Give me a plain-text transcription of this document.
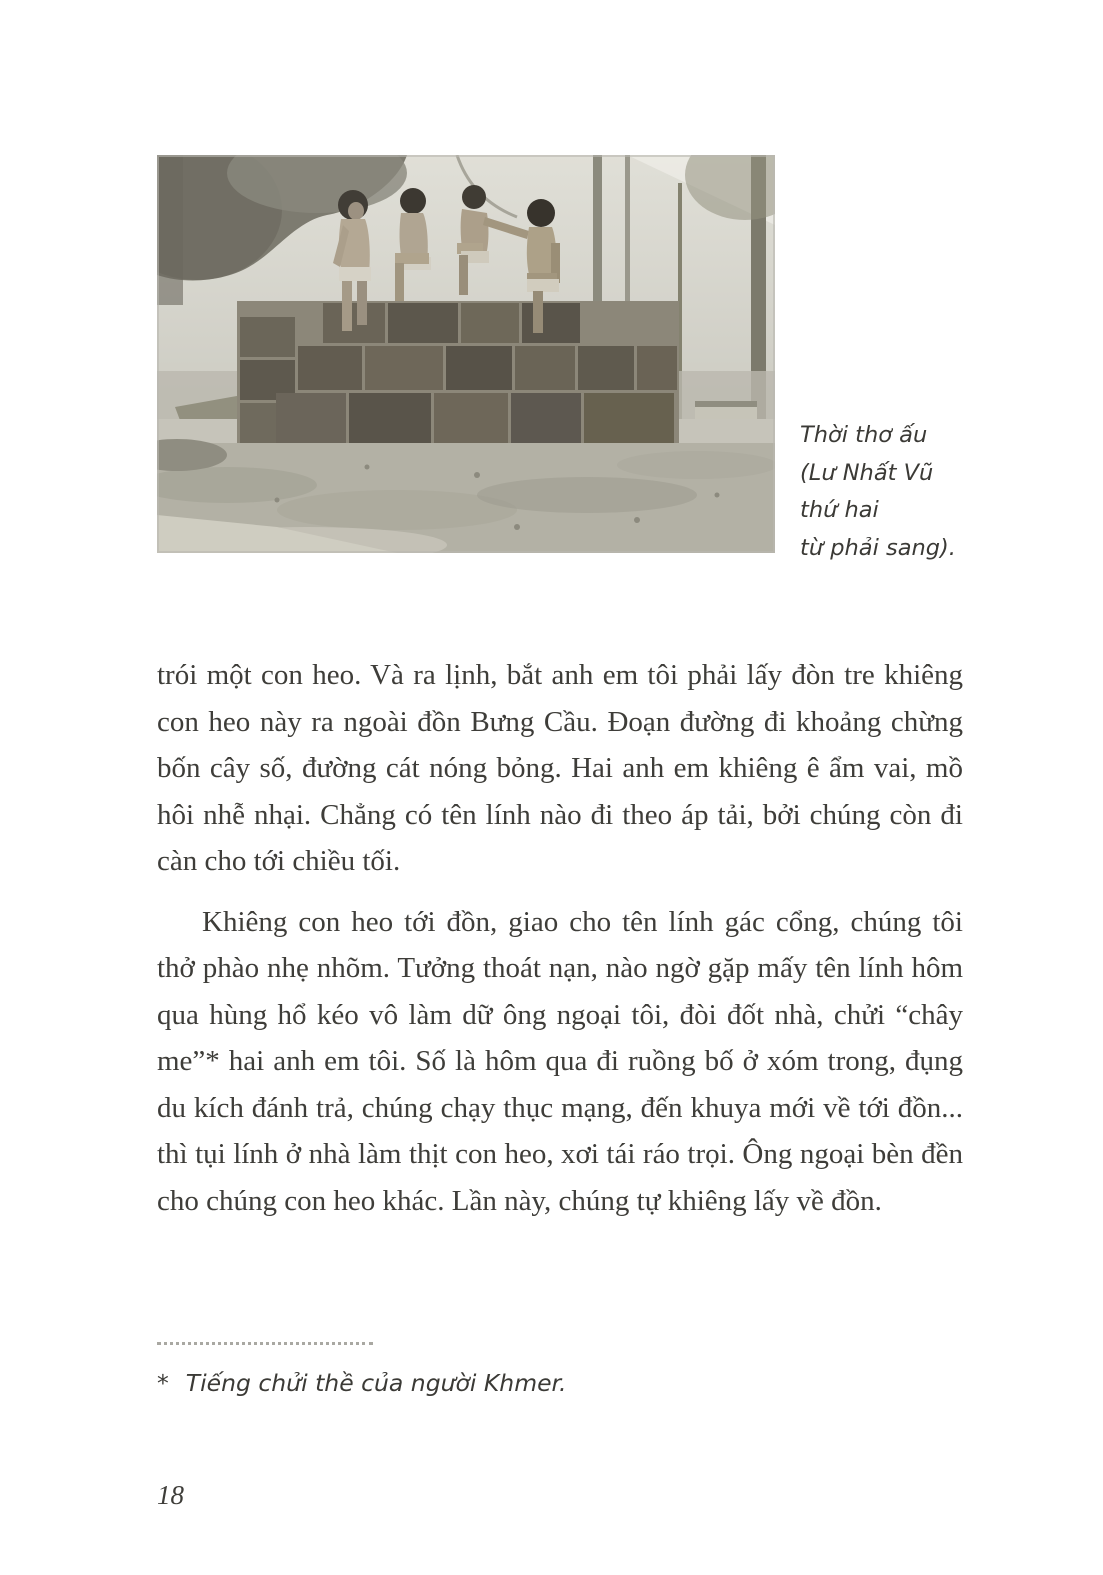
Thời thơ ấu
(Lư Nhất Vũ
thứ hai
từ phải sang).

trói một con heo. Và ra lịnh, bắt anh em tôi phải lấy đòn tre khiêng con heo này ra ngoài đồn Bưng Cầu. Đoạn đường đi khoảng chừng bốn cây số, đường cát nóng bỏng. Hai anh em khiêng ê ẩm vai, mồ hôi nhễ nhại. Chẳng có tên lính nào đi theo áp tải, bởi chúng còn đi càn cho tới chiều tối.

Khiêng con heo tới đồn, giao cho tên lính gác cổng, chúng tôi thở phào nhẹ nhõm. Tưởng thoát nạn, nào ngờ gặp mấy tên lính hôm qua hùng hổ kéo vô làm dữ ông ngoại tôi, đòi đốt nhà, chửi “chây me”* hai anh em tôi. Số là hôm qua đi ruồng bố ở xóm trong, đụng du kích đánh trả, chúng chạy thục mạng, đến khuya mới về tới đồn... thì tụi lính ở nhà làm thịt con heo, xơi tái ráo trọi. Ông ngoại bèn đền cho chúng con heo khác. Lần này, chúng tự khiêng lấy về đồn.

* Tiếng chửi thề của người Khmer.
18
